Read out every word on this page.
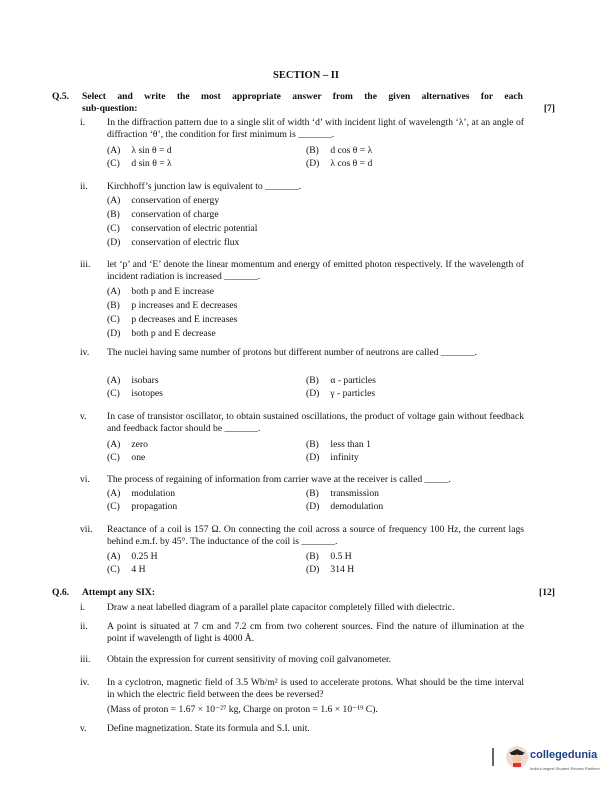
SECTION – II
Q.5. Select and write the most appropriate answer from the given alternatives for each
sub-question:	[7]
i.	In the diffraction pattern due to a single slit of width ‘d’ with incident light of wavelength ‘λ’, at an angle of diffraction ‘θ’, the condition for first minimum is _______.
(A) λ sin θ = d	(B) d cos θ = λ
(C) d sin θ = λ	(D) λ cos θ = d
ii.	Kirchhoff’s junction law is equivalent to _______.
(A) conservation of energy
(B) conservation of charge
(C) conservation of electric potential
(D) conservation of electric flux
iii.	let ‘p’ and ‘E’ denote the linear momentum and energy of emitted photon respectively. If the wavelength of incident radiation is increased _______.
(A) both p and E increase
(B) p increases and E decreases
(C) p decreases and E increases
(D) both p and E decrease
iv.	The nuclei having same number of protons but different number of neutrons are called _______.
(A) isobars	(B) α - particles
(C) isotopes	(D) γ - particles
v.	In case of transistor oscillator, to obtain sustained oscillations, the product of voltage gain without feedback and feedback factor should be _______.
(A) zero	(B) less than 1
(C) one	(D) infinity
vi.	The process of regaining of information from carrier wave at the receiver is called _____.
(A) modulation	(B) transmission
(C) propagation	(D) demodulation
vii.	Reactance of a coil is 157 Ω. On connecting the coil across a source of frequency 100 Hz, the current lags behind e.m.f. by 45°. The inductance of the coil is _______.
(A) 0.25 H	(B) 0.5 H
(C) 4 H	(D) 314 H
Q.6. Attempt any SIX:	[12]
i.	Draw a neat labelled diagram of a parallel plate capacitor completely filled with dielectric.
ii.	A point is situated at 7 cm and 7.2 cm from two coherent sources. Find the nature of illumination at the point if wavelength of light is 4000 Å.
iii.	Obtain the expression for current sensitivity of moving coil galvanometer.
iv.	In a cyclotron, magnetic field of 3.5 Wb/m² is used to accelerate protons. What should be the time interval in which the electric field between the dees be reversed?
(Mass of proton = 1.67 × 10⁻²⁷ kg, Charge on proton = 1.6 × 10⁻¹⁹ C).
v.	Define magnetization. State its formula and S.I. unit.
collegedunia
India's largest Student Review Platform
